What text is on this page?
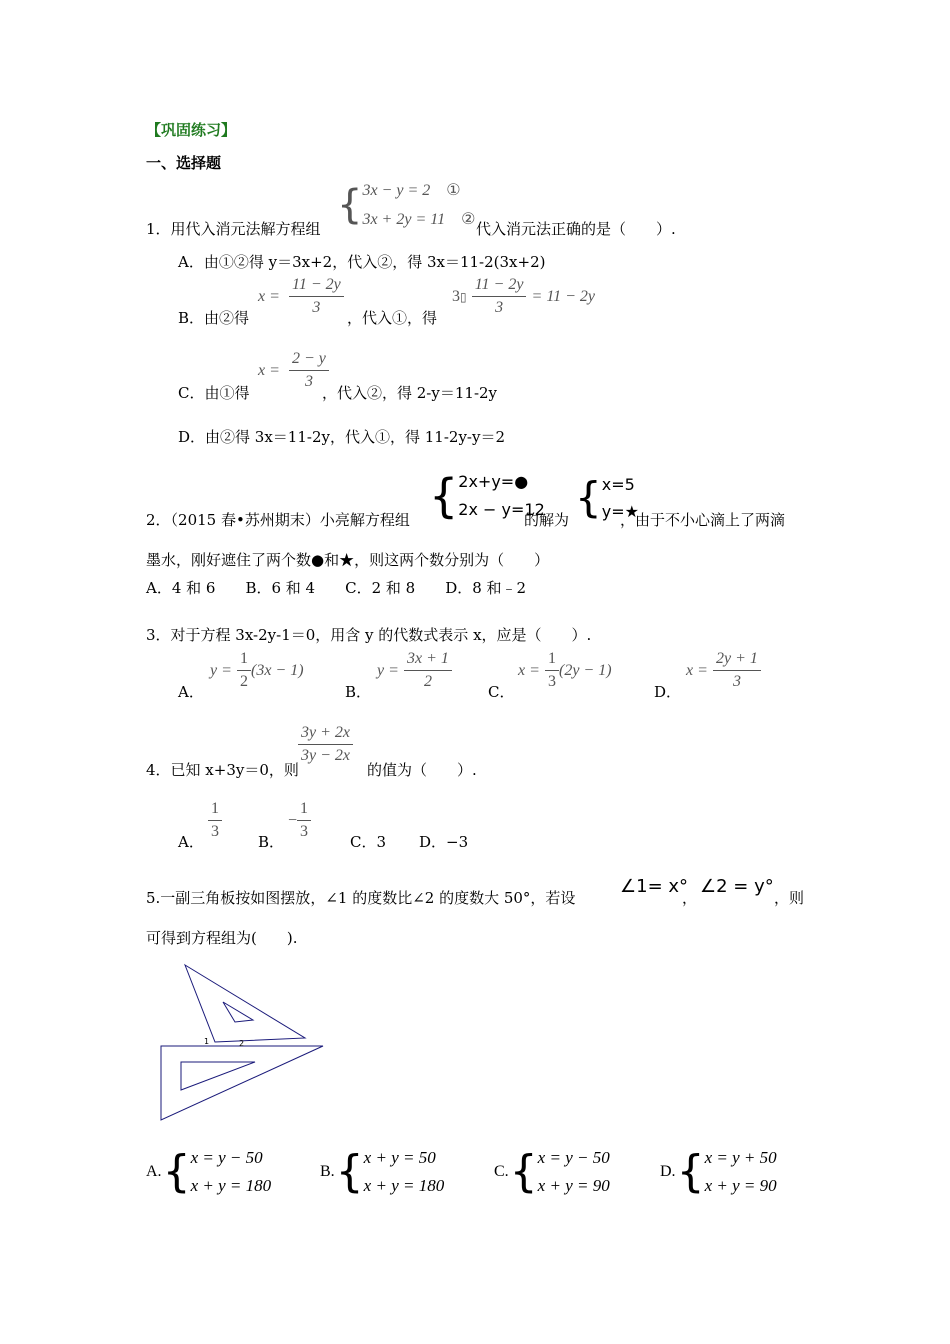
【巩固练习】
一、选择题
{ 3x − y = 2　 ①
3x + 2y = 11　 ②
1．用代入消元法解方程组	代入消元法正确的是（　　）.
A．由①②得 y＝3x+2，代入②，得 3x＝11-2(3x+2)
B．由②得
$x = \frac{11 - 2y}{3}$
，代入①，得
3▯ $\frac{11 - 2y}{3} = 11 - 2y$
C．由①得
$x = \frac{2 - y}{3}$
，代入②，得 2-y＝11-2y
D．由②得 3x＝11-2y，代入①，得 11-2y-y＝2
2．（2015 春•苏州期末）小亮解方程组 { 2x+y=●
2x − y=12
的解为 { x=5
y=★
，由于不小心滴上了两滴
墨水，刚好遮住了两个数●和★，则这两个数分别为（　　）
A．4 和 6　　B．6 和 4　　C．2 和 8　　D．8 和﹣2
3．对于方程 3x-2y-1＝0，用含 y 的代数式表示 x，应是（　　）.
A．
$y = \frac{1}{2} (3x - 1)$
B．
$y = \frac{3x + 1}{2}$
C．
$x = \frac{1}{3} (2y - 1)$
D．
$x = \frac{2y + 1}{3}$
4．已知 x+3y＝0，则
$\frac{3y + 2x}{3y - 2x}$
的值为（　　）.
A．
$\frac{1}{3}$
B．
− $\frac{1}{3}$
C．3 D．−3
5.一副三角板按如图摆放，∠1 的度数比∠2 的度数大 50°，若设
∠1= x°
，
∠2 = y°
，则
可得到方程组为(　　).
1	2
A. { x = y − 50
x + y = 180
B. { x + y = 50
x + y = 180
C. { x = y − 50
x + y = 90
D. { x = y + 50
x + y = 90
